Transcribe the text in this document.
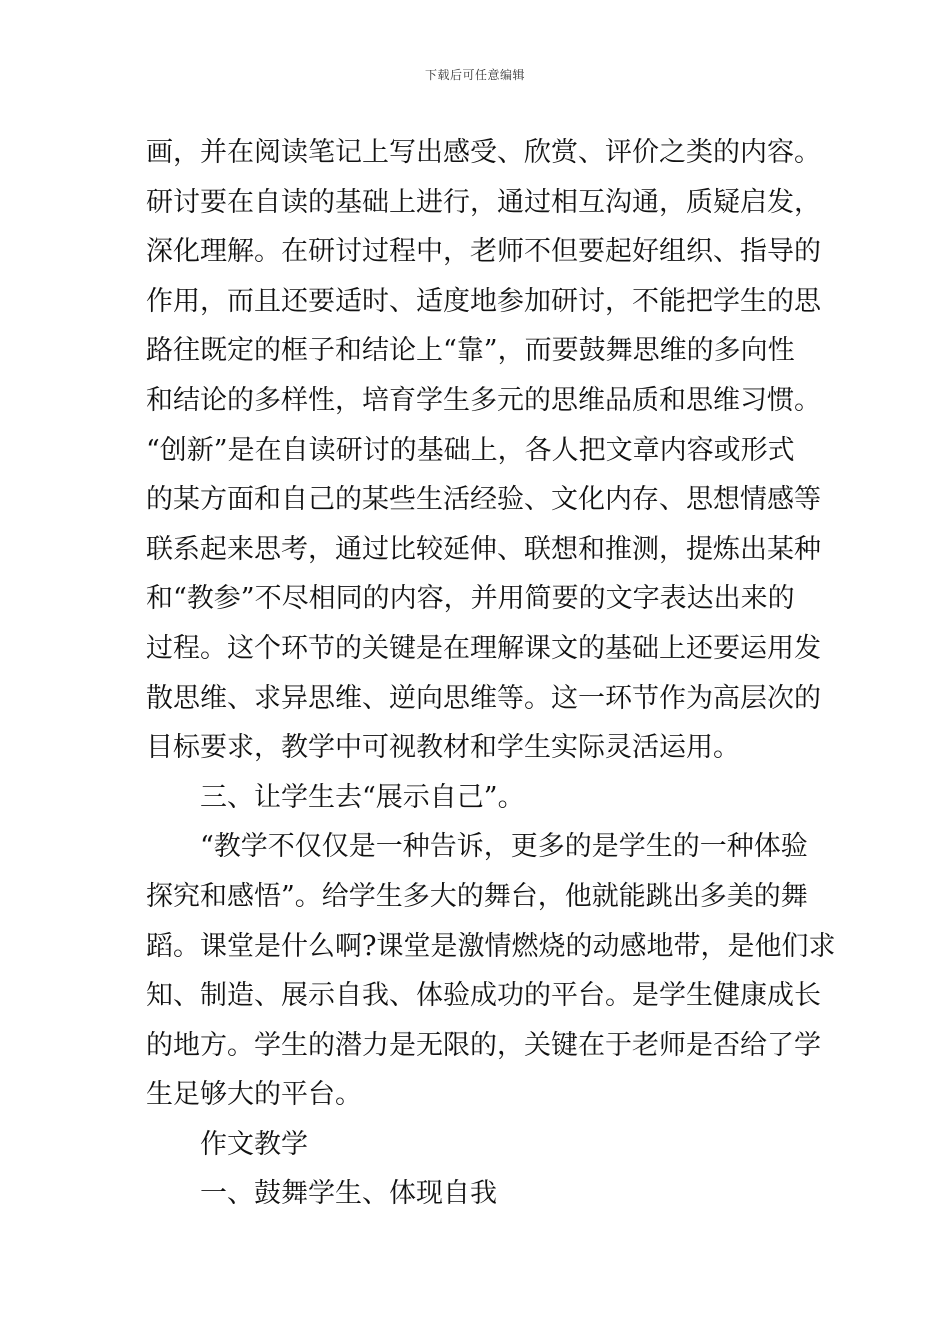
下载后可任意编辑
画，并在阅读笔记上写出感受、欣赏、评价之类的内容。
研讨要在自读的基础上进行，通过相互沟通，质疑启发，
深化理解。在研讨过程中，老师不但要起好组织、指导的
作用，而且还要适时、适度地参加研讨，不能把学生的思
路往既定的框子和结论上“靠”，而要鼓舞思维的多向性
和结论的多样性，培育学生多元的思维品质和思维习惯。
“创新”是在自读研讨的基础上，各人把文章内容或形式
的某方面和自己的某些生活经验、文化内存、思想情感等
联系起来思考，通过比较延伸、联想和推测，提炼出某种
和“教参”不尽相同的内容，并用简要的文字表达出来的
过程。这个环节的关键是在理解课文的基础上还要运用发
散思维、求异思维、逆向思维等。这一环节作为高层次的
目标要求，教学中可视教材和学生实际灵活运用。
三、让学生去“展示自己”。
“教学不仅仅是一种告诉，更多的是学生的一种体验
探究和感悟”。给学生多大的舞台，他就能跳出多美的舞
蹈。课堂是什么啊?课堂是激情燃烧的动感地带，是他们求
知、制造、展示自我、体验成功的平台。是学生健康成长
的地方。学生的潜力是无限的，关键在于老师是否给了学
生足够大的平台。
作文教学
一、鼓舞学生、体现自我
